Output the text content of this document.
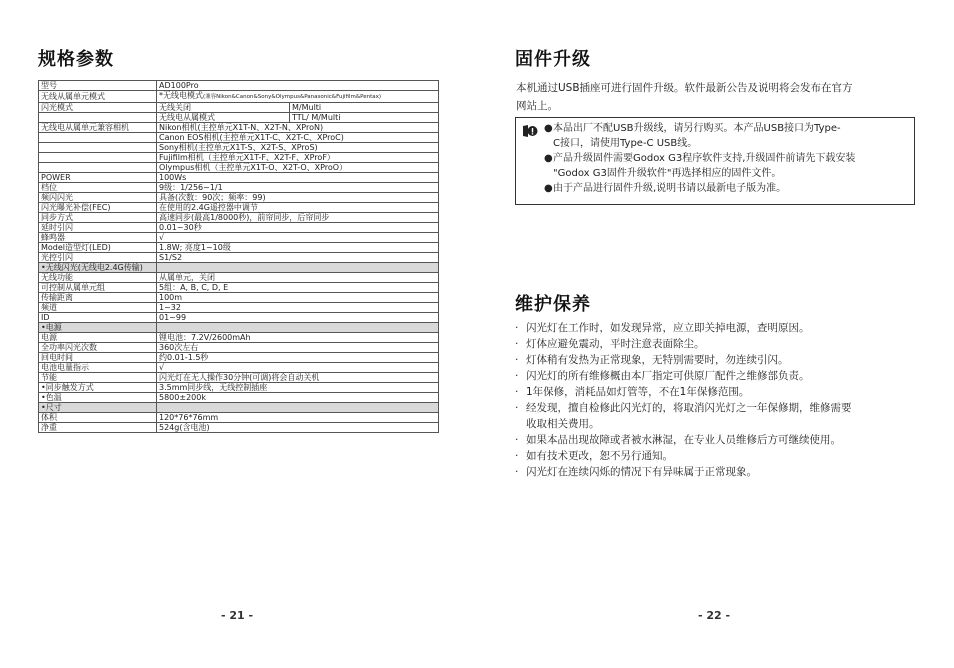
规格参数
型号	AD100Pro	
无线从属单元模式	*无线电模式(兼容Nikon&Canon&Sony&Olympus&Panasonic&Fujifilm&Pentax)	
闪光模式	无线关闭	M/Multi
	无线电从属模式	TTL/ M/Multi
无线电从属单元兼容相机	Nikon相机(主控单元X1T-N、X2T-N、XProN)	
	Canon EOS相机(主控单元X1T-C、X2T-C、XProC)	
	Sony相机(主控单元X1T-S、X2T-S、XProS)	
	Fujifilm相机（主控单元X1T-F、X2T-F、XProF）	
	Olympus相机（主控单元X1T-O、X2T-O、XProO）	
POWER	100Ws	
档位	9级：1/256~1/1	
频闪闪光	具备(次数：90次；频率：99)	
闪光曝光补偿(FEC)	在使用的2.4G遥控器中调节	
同步方式	高速同步(最高1/8000秒)，前帘同步，后帘同步	
延时引闪	0.01~30秒	
蜂鸣器	√	
Model造型灯(LED)	1.8W; 亮度1~10级	
光控引闪	S1/S2	
•无线闪光(无线电2.4G传输)		
无线功能	从属单元，关闭	
可控制从属单元组	5组：A, B, C, D, E	
传输距离	100m	
频道	1~32	
ID	01~99	
•电源		
电源	锂电池：7.2V/2600mAh	
全功率闪光次数	360次左右	
回电时间	约0.01-1.5秒	
电池电量指示	√	
节能	闪光灯在无人操作30分钟(可调)将会自动关机	
•同步触发方式	3.5mm同步线，无线控制插座	
•色温	5800±200k	
•尺寸		
体积	120*76*76mm	
净重	524g(含电池)	
- 21 -
固件升级
本机通过USB插座可进行固件升级。软件最新公告及说明将会发布在官方
网站上。
● 本品出厂不配USB升级线，请另行购买。本产品USB接口为Type-
C接口，请使用Type-C USB线。
● 产品升级固件需要Godox G3程序软件支持,升级固件前请先下载安装
"Godox G3固件升级软件"再选择相应的固件文件。
● 由于产品进行固件升级,说明书请以最新电子版为准。
维护保养
· 闪光灯在工作时，如发现异常，应立即关掉电源，查明原因。
· 灯体应避免震动，平时注意表面除尘。
· 灯体稍有发热为正常现象，无特别需要时，勿连续引闪。
· 闪光灯的所有维修概由本厂指定可供原厂配件之维修部负责。
· 1年保修，消耗品如灯管等，不在1年保修范围。
· 经发现，擅自检修此闪光灯的，将取消闪光灯之一年保修期，维修需要
收取相关费用。
· 如果本品出现故障或者被水淋湿，在专业人员维修后方可继续使用。
· 如有技术更改，恕不另行通知。
· 闪光灯在连续闪烁的情况下有异味属于正常现象。
- 22 -
